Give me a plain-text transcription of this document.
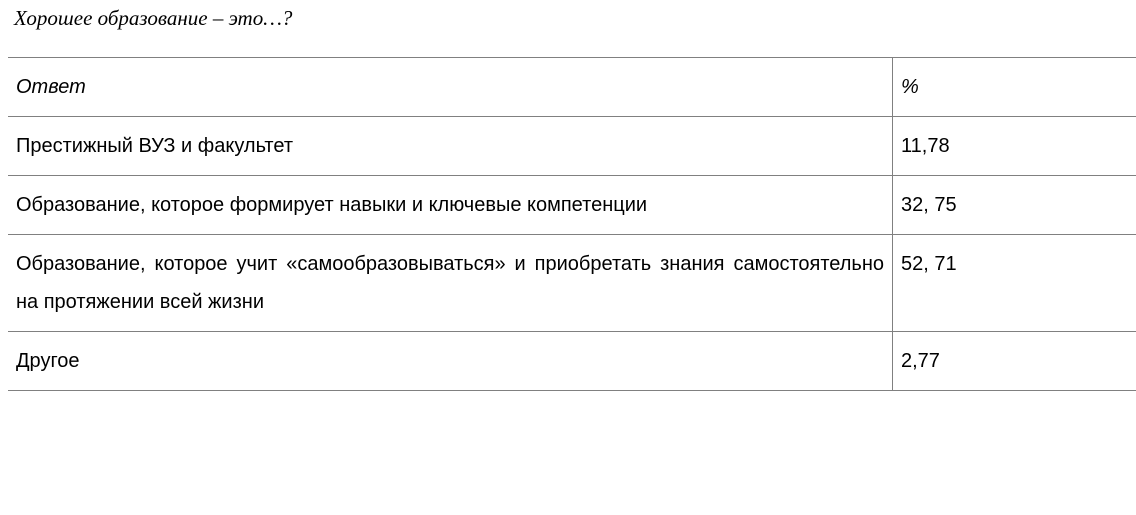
Хорошее образование – это…?
Ответ	%
Престижный ВУЗ и факультет	11,78
Образование, которое формирует навыки и ключевые компетенции	32, 75
Образование, которое учит «самообразовываться» и приобретать знания самостоятельно на протяжении всей жизни	52, 71
Другое	2,77
